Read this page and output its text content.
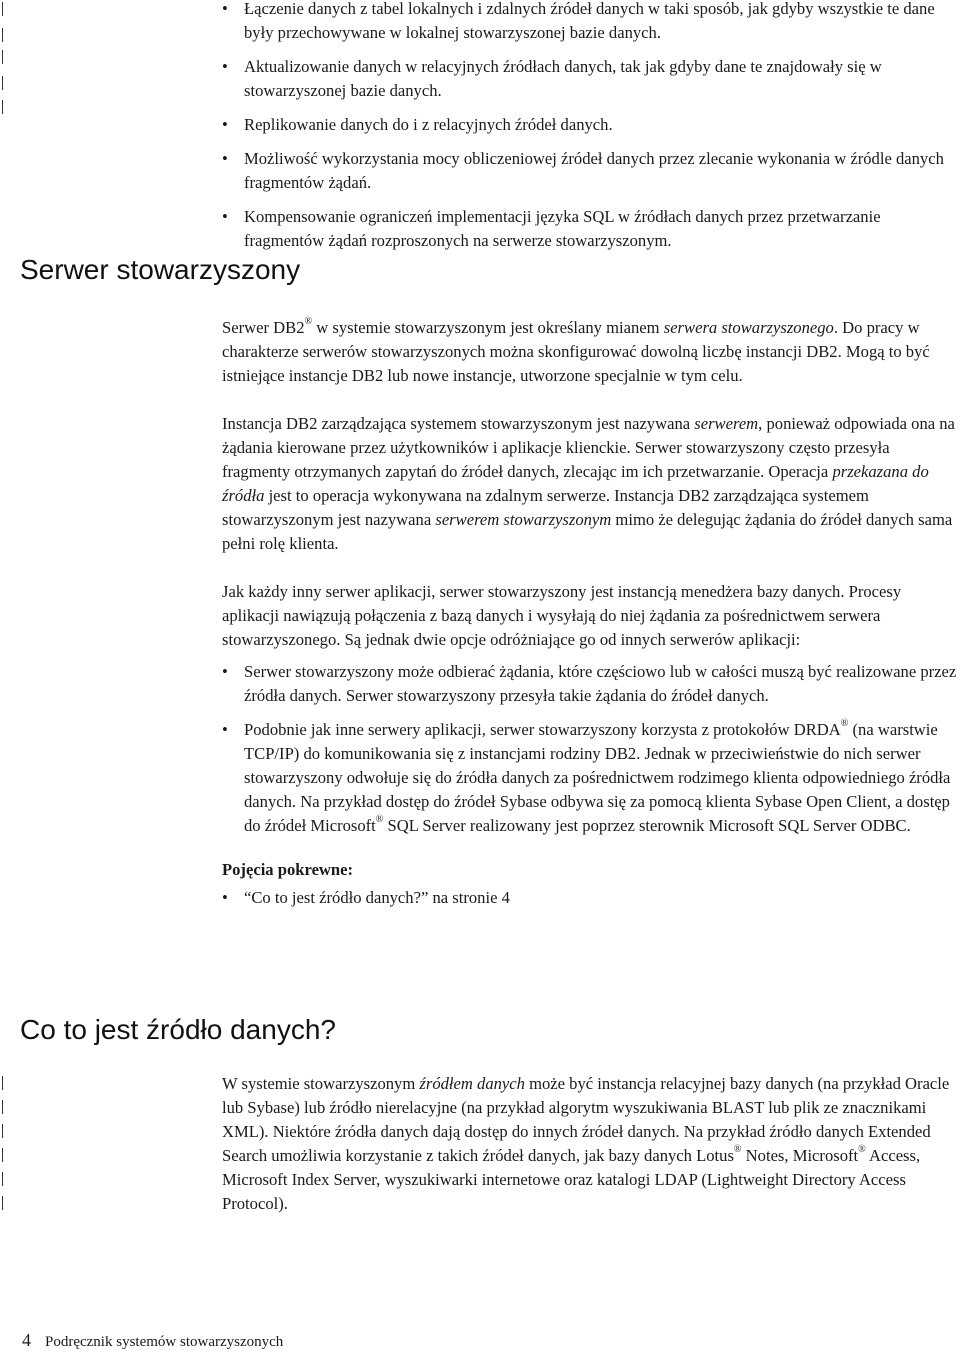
• Łączenie danych z tabel lokalnych i zdalnych źródeł danych w taki sposób, jak gdyby wszystkie te dane były przechowywane w lokalnej stowarzyszonej bazie danych.
• Aktualizowanie danych w relacyjnych źródłach danych, tak jak gdyby dane te znajdowały się w stowarzyszonej bazie danych.
• Replikowanie danych do i z relacyjnych źródeł danych.
• Możliwość wykorzystania mocy obliczeniowej źródeł danych przez zlecanie wykonania w źródle danych fragmentów żądań.
• Kompensowanie ograniczeń implementacji języka SQL w źródłach danych przez przetwarzanie fragmentów żądań rozproszonych na serwerze stowarzyszonym.
Serwer stowarzyszony

Serwer DB2® w systemie stowarzyszonym jest określany mianem serwera stowarzyszonego. Do pracy w charakterze serwerów stowarzyszonych można skonfigurować dowolną liczbę instancji DB2. Mogą to być istniejące instancje DB2 lub nowe instancje, utworzone specjalnie w tym celu.

Instancja DB2 zarządzająca systemem stowarzyszonym jest nazywana serwerem, ponieważ odpowiada ona na żądania kierowane przez użytkowników i aplikacje klienckie. Serwer stowarzyszony często przesyła fragmenty otrzymanych zapytań do źródeł danych, zlecając im ich przetwarzanie. Operacja przekazana do źródła jest to operacja wykonywana na zdalnym serwerze. Instancja DB2 zarządzająca systemem stowarzyszonym jest nazywana serwerem stowarzyszonym mimo że delegując żądania do źródeł danych sama pełni rolę klienta.

Jak każdy inny serwer aplikacji, serwer stowarzyszony jest instancją menedżera bazy danych. Procesy aplikacji nawiązują połączenia z bazą danych i wysyłają do niej żądania za pośrednictwem serwera stowarzyszonego. Są jednak dwie opcje odróżniające go od innych serwerów aplikacji:

• Serwer stowarzyszony może odbierać żądania, które częściowo lub w całości muszą być realizowane przez źródła danych. Serwer stowarzyszony przesyła takie żądania do źródeł danych.
• Podobnie jak inne serwery aplikacji, serwer stowarzyszony korzysta z protokołów DRDA® (na warstwie TCP/IP) do komunikowania się z instancjami rodziny DB2. Jednak w przeciwieństwie do nich serwer stowarzyszony odwołuje się do źródła danych za pośrednictwem rodzimego klienta odpowiedniego źródła danych. Na przykład dostęp do źródeł Sybase odbywa się za pomocą klienta Sybase Open Client, a dostęp do źródeł Microsoft® SQL Server realizowany jest poprzez sterownik Microsoft SQL Server ODBC.

Pojęcia pokrewne:

• “Co to jest źródło danych?” na stronie 4
Co to jest źródło danych?

W systemie stowarzyszonym źródłem danych może być instancja relacyjnej bazy danych (na przykład Oracle lub Sybase) lub źródło nierelacyjne (na przykład algorytm wyszukiwania BLAST lub plik ze znacznikami XML). Niektóre źródła danych dają dostęp do innych źródeł danych. Na przykład źródło danych Extended Search umożliwia korzystanie z takich źródeł danych, jak bazy danych Lotus® Notes, Microsoft® Access, Microsoft Index Server, wyszukiwarki internetowe oraz katalogi LDAP (Lightweight Directory Access Protocol).

4 Podręcznik systemów stowarzyszonych
